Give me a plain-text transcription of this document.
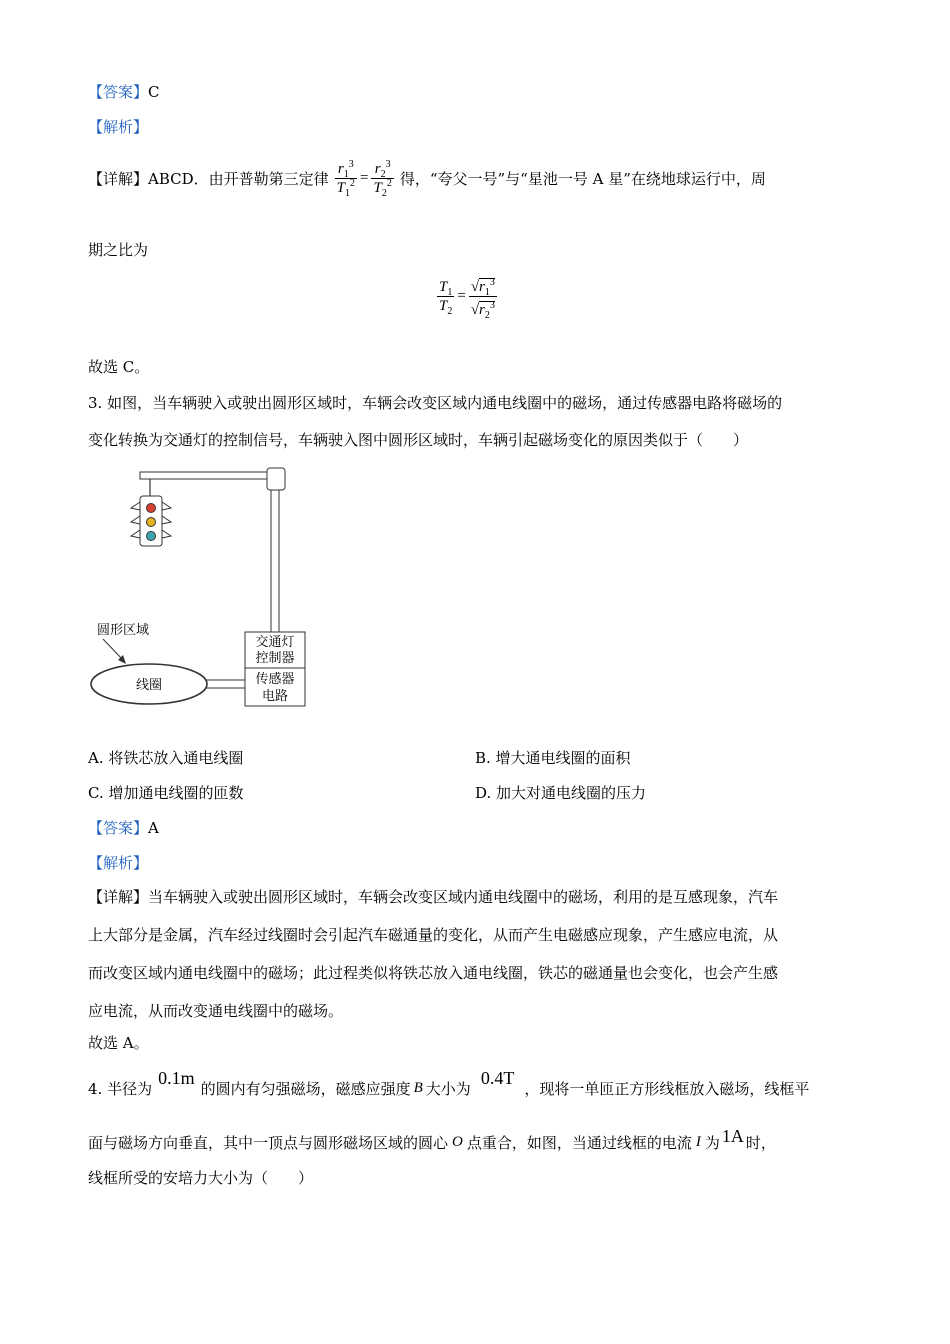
【答案】C
【解析】
【详解】 ABCD．由开普勒第三定律 $\frac{r_1^3}{T_1^2} = \frac{r_2^3}{T_2^2}$ 得，“夸父一号”与“星池一号 A 星”在绕地球运行中，周
期之比为
$\frac{T_1}{T_2} = \frac{√r_1^3}{√r_2^3}$
故选 C。
3. 如图，当车辆驶入或驶出圆形区域时，车辆会改变区域内通电线圈中的磁场，通过传感器电路将磁场的
变化转换为交通灯的控制信号，车辆驶入图中圆形区域时，车辆引起磁场变化的原因类似于（　　）
交通灯
控制器
传感器
电路
线圈
圆形区域
A. 将铁芯放入通电线圈	B. 增大通电线圈的面积
C. 增加通电线圈的匝数	D. 加大对通电线圈的压力
【答案】A
【解析】
【详解】当车辆驶入或驶出圆形区域时，车辆会改变区域内通电线圈中的磁场，利用的是互感现象，汽车
上大部分是金属，汽车经过线圈时会引起汽车磁通量的变化，从而产生电磁感应现象，产生感应电流，从
而改变区域内通电线圈中的磁场；此过程类似将铁芯放入通电线圈，铁芯的磁通量也会变化，也会产生感
应电流，从而改变通电线圈中的磁场。
故选 A。
4. 半径为
0.1m
的圆内有匀强磁场，磁感应强度 B 大小为
0.4T
，现将一单匝正方形线框放入磁场，线框平
面与磁场方向垂直，其中一顶点与圆形磁场区域的圆心 O 点重合，如图，当通过线框的电流 I 为 1A 时，
线框所受的安培力大小为（　　）
